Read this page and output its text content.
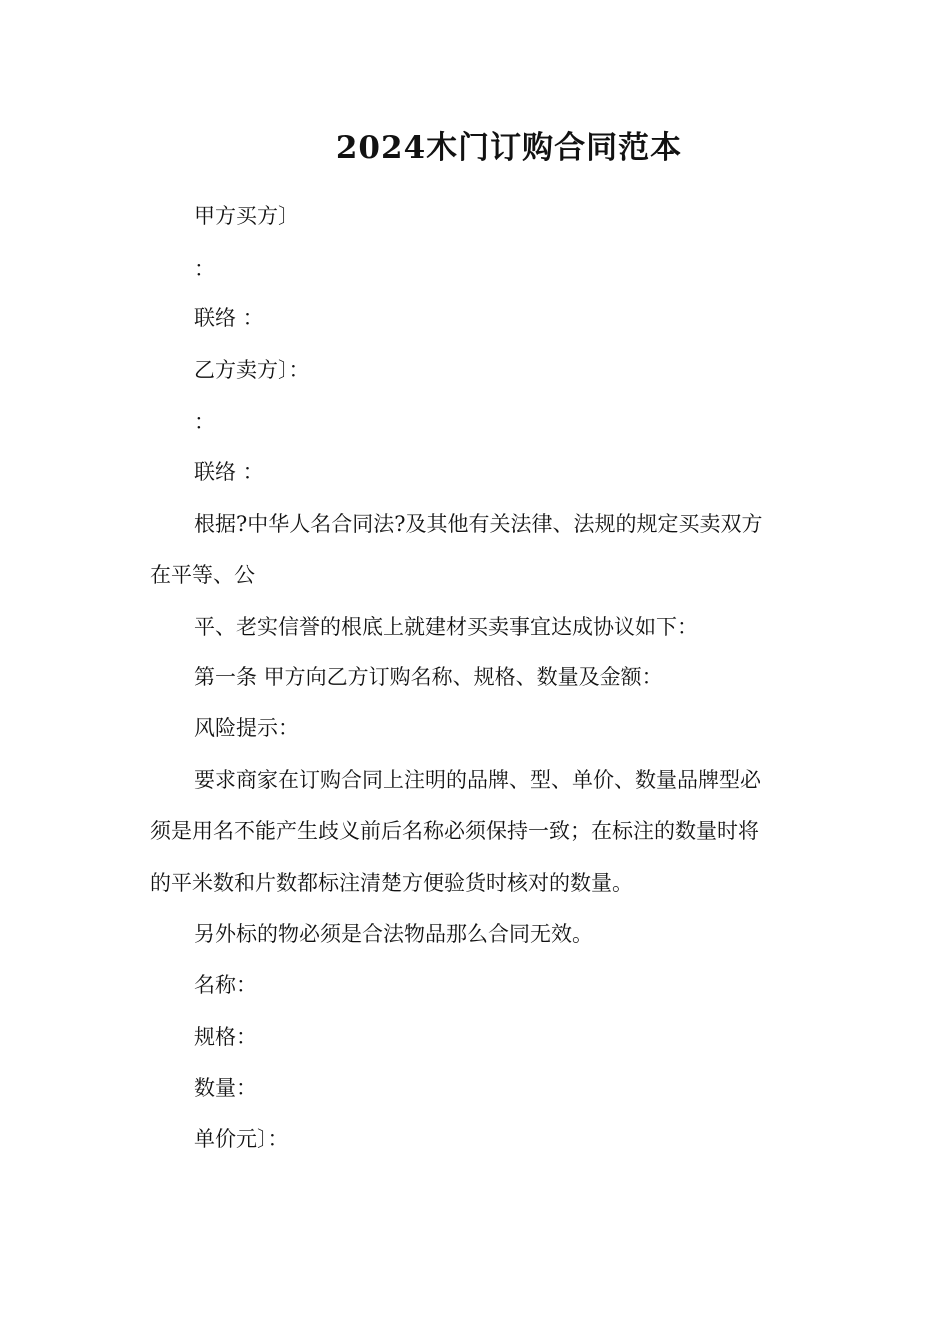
2024木门订购合同范本
甲方买方〕
：
联络 ：
乙方卖方〕：
：
联络 ：
根据?中华人名合同法?及其他有关法律、法规的规定买卖双方
在平等、公
平、老实信誉的根底上就建材买卖事宜达成协议如下：
第一条 甲方向乙方订购名称、规格、数量及金额：
风险提示：
要求商家在订购合同上注明的品牌、型、单价、数量品牌型必
须是用名不能产生歧义前后名称必须保持一致；在标注的数量时将
的平米数和片数都标注清楚方便验货时核对的数量。
另外标的物必须是合法物品那么合同无效。
名称：
规格：
数量：
单价元〕：
